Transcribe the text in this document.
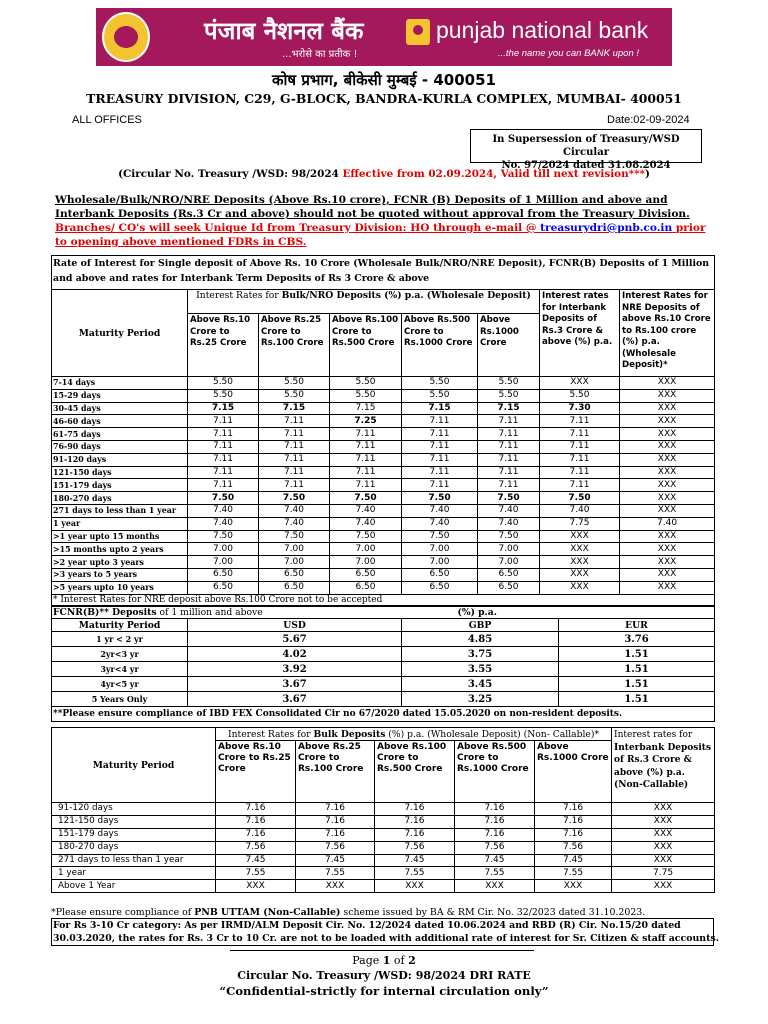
पंजाब नैशनल बैंक
...भरोसे का प्रतीक !
punjab national bank
...the name you can BANK upon !
कोष प्रभाग, बीकेसी मुम्बई - 400051
TREASURY DIVISION, C29, G-BLOCK, BANDRA-KURLA COMPLEX, MUMBAI- 400051
ALL OFFICES	Date:02-09-2024
In Supersession of Treasury/WSD Circular
No. 97/2024 dated 31.08.2024
(Circular No. Treasury /WSD: 98/2024 Effective from 02.09.2024, Valid till next revision***)
Wholesale/Bulk/NRO/NRE Deposits (Above Rs.10 crore), FCNR (B) Deposits of 1 Million and above and
Interbank Deposits (Rs.3 Cr and above) should not be quoted without approval from the Treasury Division.
Branches/ CO's will seek Unique Id from Treasury Division: HO through e-mail @ treasurydri@pnb.co.in prior
to opening above mentioned FDRs in CBS.
Rate of Interest for Single deposit of Above Rs. 10 Crore (Wholesale Bulk/NRO/NRE Deposit), FCNR(B) Deposits of 1 Million
and above and rates for Interbank Term Deposits of Rs 3 Crore & above							

Maturity Period	Interest Rates for Bulk/NRO Deposits (%) p.a. (Wholesale Deposit)					Interest rates for Interbank Deposits of Rs.3 Crore & above (%) p.a.	Interest Rates for NRE Deposits of above Rs.10 Crore to Rs.100 crore (%) p.a. (Wholesale Deposit)*
	Above Rs.10 Crore to Rs.25 Crore	Above Rs.25 Crore to Rs.100 Crore	Above Rs.100 Crore to Rs.500 Crore	Above Rs.500 Crore to Rs.1000 Crore	Above Rs.1000 Crore		
7-14 days	5.50	5.50	5.50	5.50	5.50	XXX	XXX
15-29 days	5.50	5.50	5.50	5.50	5.50	5.50	XXX
30-45 days	7.15	7.15	7.15	7.15	7.15	7.30	XXX
46-60 days	7.11	7.11	7.25	7.11	7.11	7.11	XXX
61-75 days	7.11	7.11	7.11	7.11	7.11	7.11	XXX
76-90 days	7.11	7.11	7.11	7.11	7.11	7.11	XXX
91-120 days	7.11	7.11	7.11	7.11	7.11	7.11	XXX
121-150 days	7.11	7.11	7.11	7.11	7.11	7.11	XXX
151-179 days	7.11	7.11	7.11	7.11	7.11	7.11	XXX
180-270 days	7.50	7.50	7.50	7.50	7.50	7.50	XXX
271 days to less than 1 year	7.40	7.40	7.40	7.40	7.40	7.40	XXX
1 year	7.40	7.40	7.40	7.40	7.40	7.75	7.40
>1 year upto 15 months	7.50	7.50	7.50	7.50	7.50	XXX	XXX
>15 months upto 2 years	7.00	7.00	7.00	7.00	7.00	XXX	XXX
>2 year upto 3 years	7.00	7.00	7.00	7.00	7.00	XXX	XXX
>3 years to 5 years	6.50	6.50	6.50	6.50	6.50	XXX	XXX
>5 years upto 10 years	6.50	6.50	6.50	6.50	6.50	XXX	XXX
* Interest Rates for NRE deposit above Rs.100 Crore not to be accepted							
FCNR(B)** Deposits of 1 million and above		(%) p.a.	
Maturity Period	USD	GBP	EUR
1 yr < 2 yr	5.67	4.85	3.76
2yr<3 yr	4.02	3.75	1.51
3yr<4 yr	3.92	3.55	1.51
4yr<5 yr	3.67	3.45	1.51
5 Years Only	3.67	3.25	1.51
**Please ensure compliance of IBD FEX Consolidated Cir no 67/2020 dated 15.05.2020 on non-resident deposits.			
Maturity Period	Interest Rates for Bulk Deposits (%) p.a. (Wholesale Deposit) (Non- Callable)*					Interest rates for Interbank Deposits of Rs.3 Crore & above (%) p.a. (Non-Callable)
	Above Rs.10 Crore to Rs.25 Crore	Above Rs.25 Crore to Rs.100 Crore	Above Rs.100 Crore to Rs.500 Crore	Above Rs.500 Crore to Rs.1000 Crore	Above Rs.1000 Crore	
91-120 days	7.16	7.16	7.16	7.16	7.16	XXX
121-150 days	7.16	7.16	7.16	7.16	7.16	XXX
151-179 days	7.16	7.16	7.16	7.16	7.16	XXX
180-270 days	7.56	7.56	7.56	7.56	7.56	XXX
271 days to less than 1 year	7.45	7.45	7.45	7.45	7.45	XXX
1 year	7.55	7.55	7.55	7.55	7.55	7.75
Above 1 Year	XXX	XXX	XXX	XXX	XXX	XXX
*Please ensure compliance of PNB UTTAM (Non-Callable) scheme issued by BA & RM Cir. No. 32/2023 dated 31.10.2023.
For Rs 3-10 Cr category: As per IRMD/ALM Deposit Cir. No. 12/2024 dated 10.06.2024 and RBD (R) Cir. No.15/20 dated
30.03.2020, the rates for Rs. 3 Cr to 10 Cr. are not to be loaded with additional rate of interest for Sr. Citizen & staff accounts.
Page 1 of 2
Circular No. Treasury /WSD: 98/2024 DRI RATE
“Confidential-strictly for internal circulation only”
